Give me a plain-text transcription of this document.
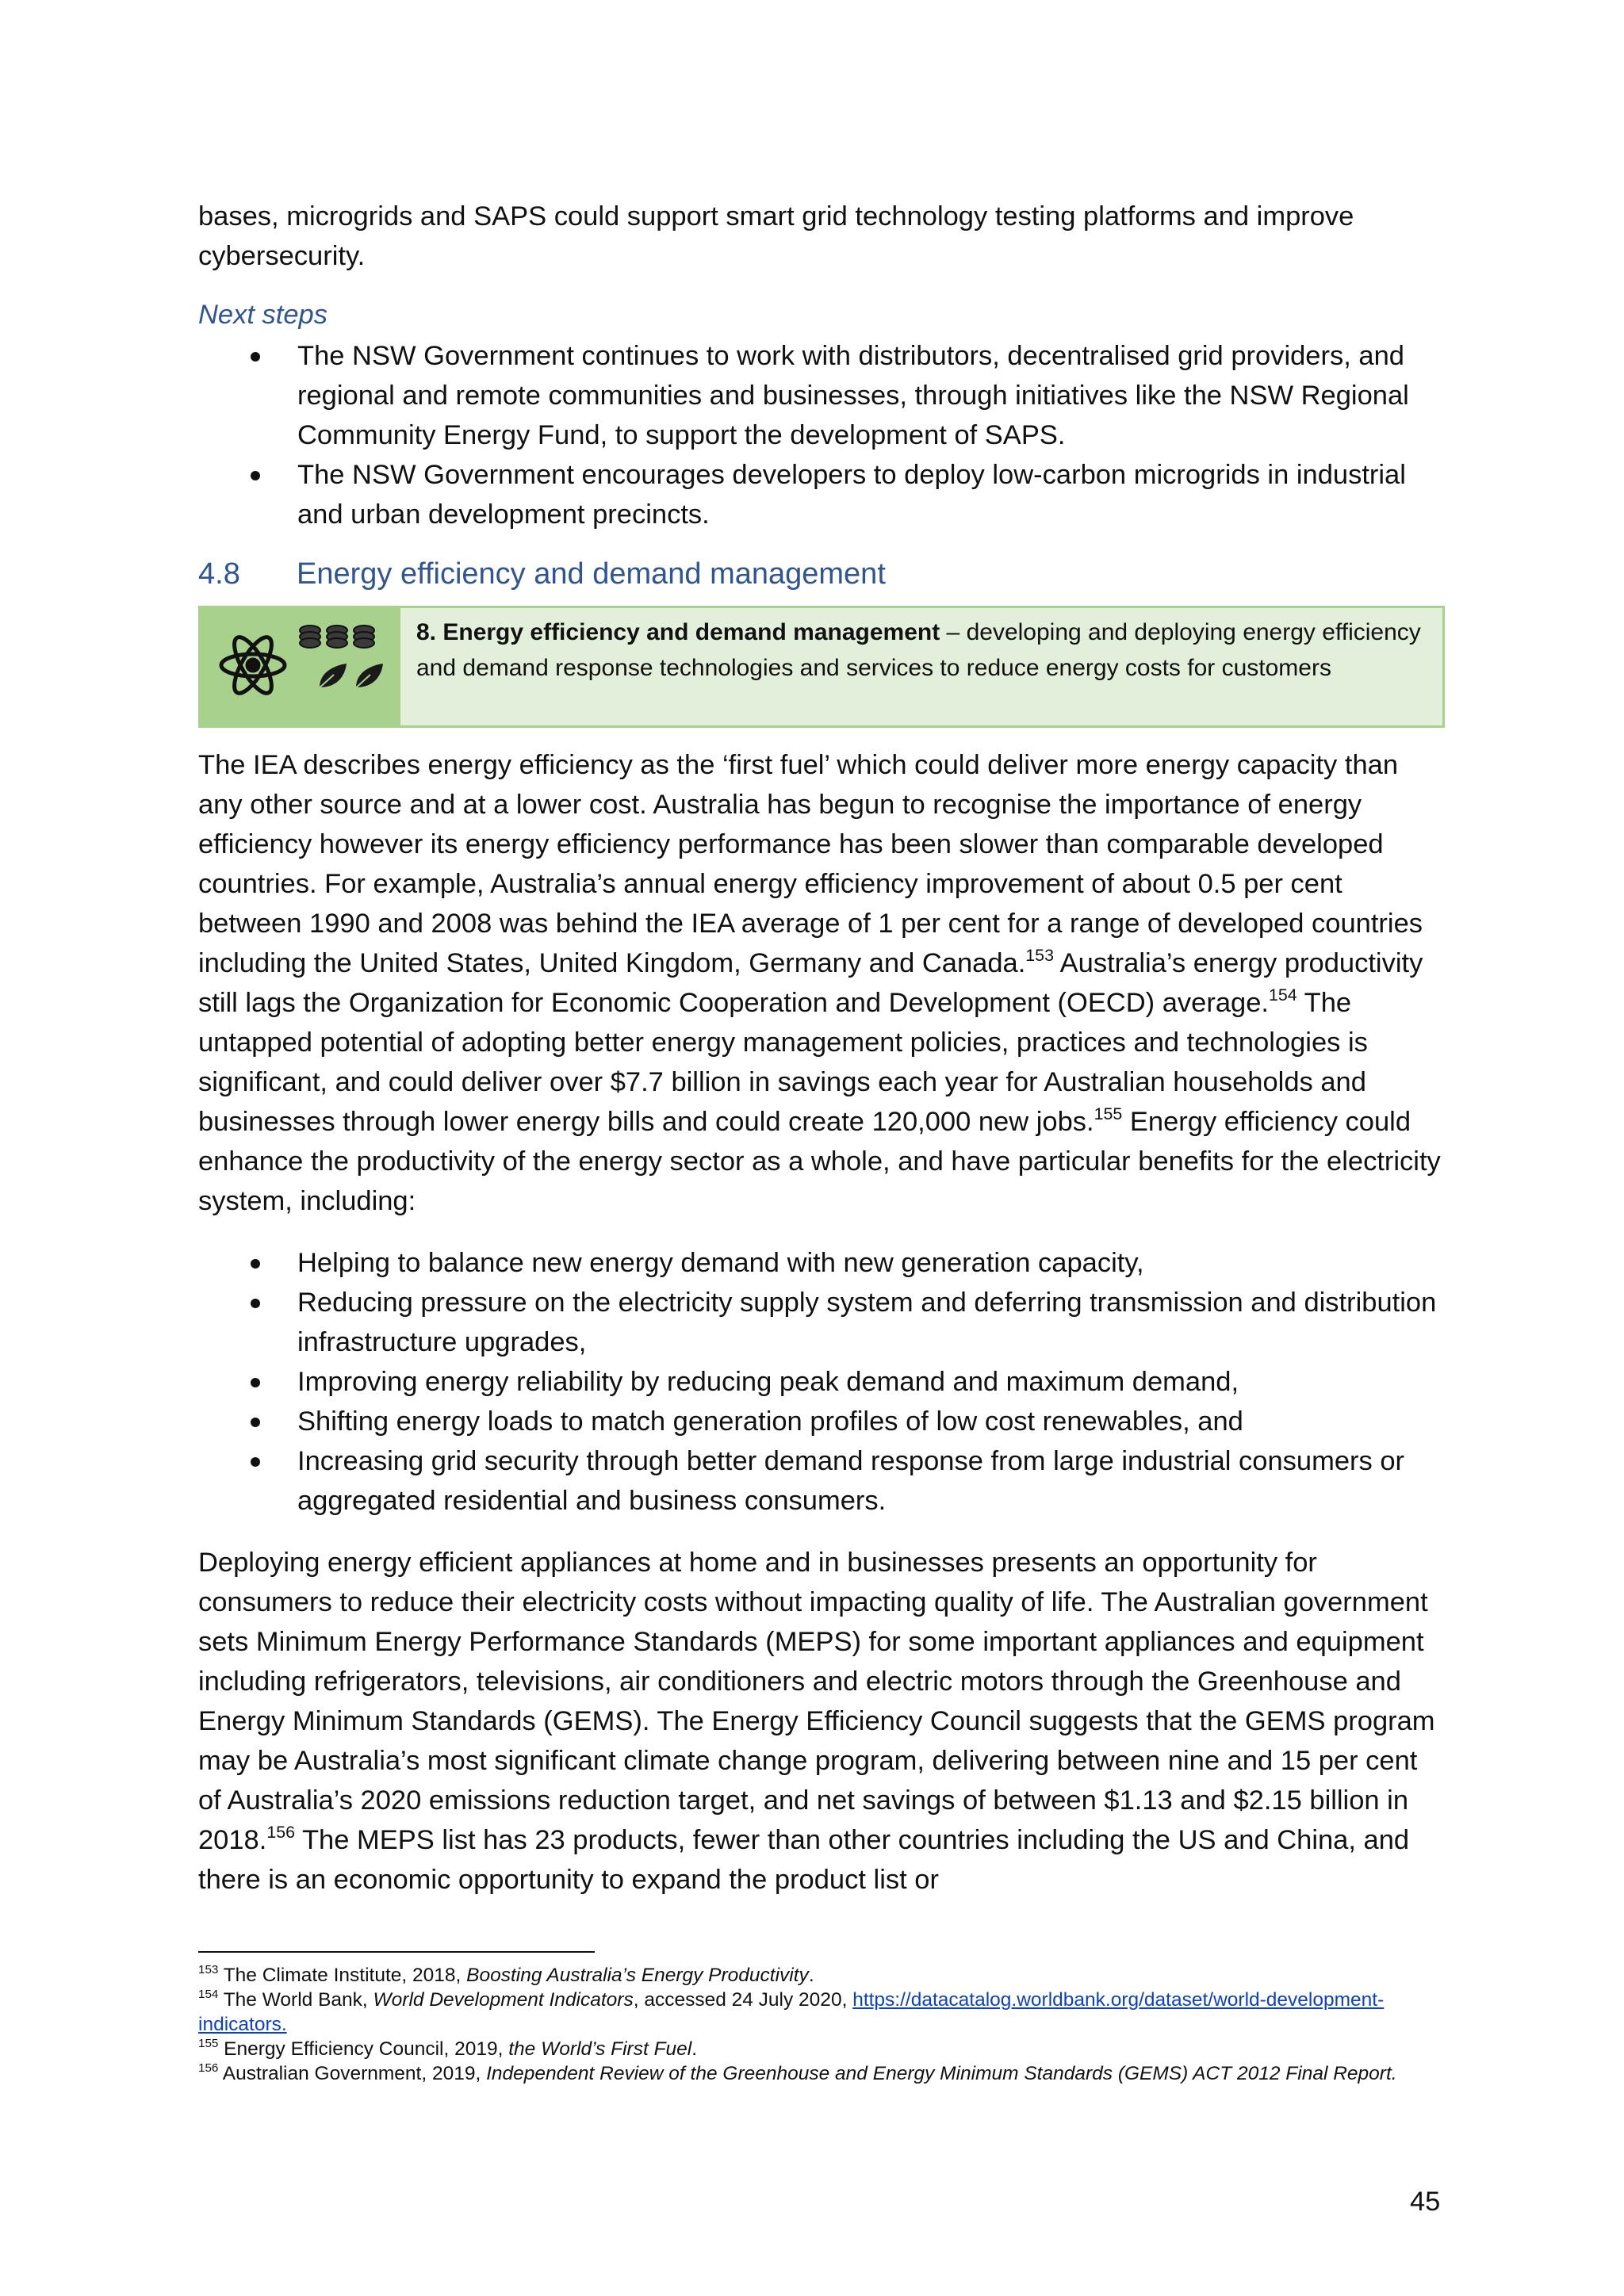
bases, microgrids and SAPS could support smart grid technology testing platforms and improve cybersecurity.

Next steps
The NSW Government continues to work with distributors, decentralised grid providers, and regional and remote communities and businesses, through initiatives like the NSW Regional Community Energy Fund, to support the development of SAPS.
The NSW Government encourages developers to deploy low-carbon microgrids in industrial and urban development precincts.
4.8	Energy efficiency and demand management
8. Energy efficiency and demand management – developing and deploying energy efficiency and demand response technologies and services to reduce energy costs for customers

The IEA describes energy efficiency as the ‘first fuel’ which could deliver more energy capacity than any other source and at a lower cost. Australia has begun to recognise the importance of energy efficiency however its energy efficiency performance has been slower than comparable developed countries. For example, Australia’s annual energy efficiency improvement of about 0.5 per cent between 1990 and 2008 was behind the IEA average of 1 per cent for a range of developed countries including the United States, United Kingdom, Germany and Canada.$^{153}$ Australia’s energy productivity still lags the Organization for Economic Cooperation and Development (OECD) average.$^{154}$ The untapped potential of adopting better energy management policies, practices and technologies is significant, and could deliver over $7.7 billion in savings each year for Australian households and businesses through lower energy bills and could create 120,000 new jobs.$^{155}$ Energy efficiency could enhance the productivity of the energy sector as a whole, and have particular benefits for the electricity system, including:

Helping to balance new energy demand with new generation capacity,
Reducing pressure on the electricity supply system and deferring transmission and distribution infrastructure upgrades,
Improving energy reliability by reducing peak demand and maximum demand,
Shifting energy loads to match generation profiles of low cost renewables, and
Increasing grid security through better demand response from large industrial consumers or aggregated residential and business consumers.

Deploying energy efficient appliances at home and in businesses presents an opportunity for consumers to reduce their electricity costs without impacting quality of life. The Australian government sets Minimum Energy Performance Standards (MEPS) for some important appliances and equipment including refrigerators, televisions, air conditioners and electric motors through the Greenhouse and Energy Minimum Standards (GEMS). The Energy Efficiency Council suggests that the GEMS program may be Australia’s most significant climate change program, delivering between nine and 15 per cent of Australia’s 2020 emissions reduction target, and net savings of between $1.13 and $2.15 billion in 2018.$^{156}$ The MEPS list has 23 products, fewer than other countries including the US and China, and there is an economic opportunity to expand the product list or

$^{153}$ The Climate Institute, 2018, Boosting Australia’s Energy Productivity.

$^{154}$ The World Bank, World Development Indicators, accessed 24 July 2020, https://datacatalog.worldbank.org/dataset/world-development-indicators.

$^{155}$ Energy Efficiency Council, 2019, the World’s First Fuel.

$^{156}$ Australian Government, 2019, Independent Review of the Greenhouse and Energy Minimum Standards (GEMS) ACT 2012 Final Report.

45
